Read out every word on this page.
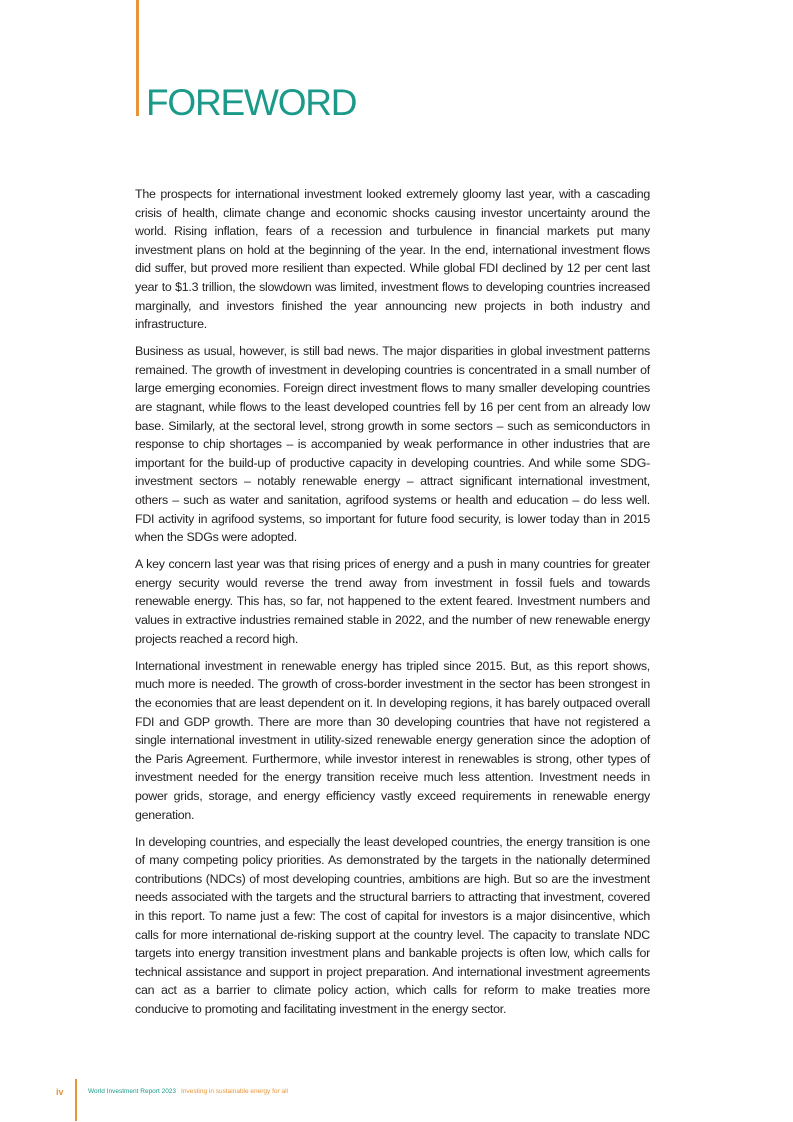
FOREWORD

The prospects for international investment looked extremely gloomy last year, with a cascading crisis of health, climate change and economic shocks causing investor uncertainty around the world. Rising inflation, fears of a recession and turbulence in financial markets put many investment plans on hold at the beginning of the year. In the end, international investment flows did suffer, but proved more resilient than expected. While global FDI declined by 12 per cent last year to $1.3 trillion, the slowdown was limited, investment flows to developing countries increased marginally, and investors finished the year announcing new projects in both industry and infrastructure.

Business as usual, however, is still bad news. The major disparities in global investment patterns remained. The growth of investment in developing countries is concentrated in a small number of large emerging economies. Foreign direct investment flows to many smaller developing countries are stagnant, while flows to the least developed countries fell by 16 per cent from an already low base. Similarly, at the sectoral level, strong growth in some sectors – such as semiconductors in response to chip shortages – is accompanied by weak performance in other industries that are important for the build-up of productive capacity in developing countries. And while some SDG-investment sectors – notably renewable energy – attract significant international investment, others – such as water and sanitation, agrifood systems or health and education – do less well. FDI activity in agrifood systems, so important for future food security, is lower today than in 2015 when the SDGs were adopted.

A key concern last year was that rising prices of energy and a push in many countries for greater energy security would reverse the trend away from investment in fossil fuels and towards renewable energy. This has, so far, not happened to the extent feared. Investment numbers and values in extractive industries remained stable in 2022, and the number of new renewable energy projects reached a record high.

International investment in renewable energy has tripled since 2015. But, as this report shows, much more is needed. The growth of cross-border investment in the sector has been strongest in the economies that are least dependent on it. In developing regions, it has barely outpaced overall FDI and GDP growth. There are more than 30 developing countries that have not registered a single international investment in utility-sized renewable energy generation since the adoption of the Paris Agreement. Furthermore, while investor interest in renewables is strong, other types of investment needed for the energy transition receive much less attention. Investment needs in power grids, storage, and energy efficiency vastly exceed requirements in renewable energy generation.

In developing countries, and especially the least developed countries, the energy transition is one of many competing policy priorities. As demonstrated by the targets in the nationally determined contributions (NDCs) of most developing countries, ambitions are high. But so are the investment needs associated with the targets and the structural barriers to attracting that investment, covered in this report. To name just a few: The cost of capital for investors is a major disincentive, which calls for more international de-risking support at the country level. The capacity to translate NDC targets into energy transition investment plans and bankable projects is often low, which calls for technical assistance and support in project preparation. And international investment agreements can act as a barrier to climate policy action, which calls for reform to make treaties more conducive to promoting and facilitating investment in the energy sector.

iv	World Investment Report 2023 Investing in sustainable energy for all
